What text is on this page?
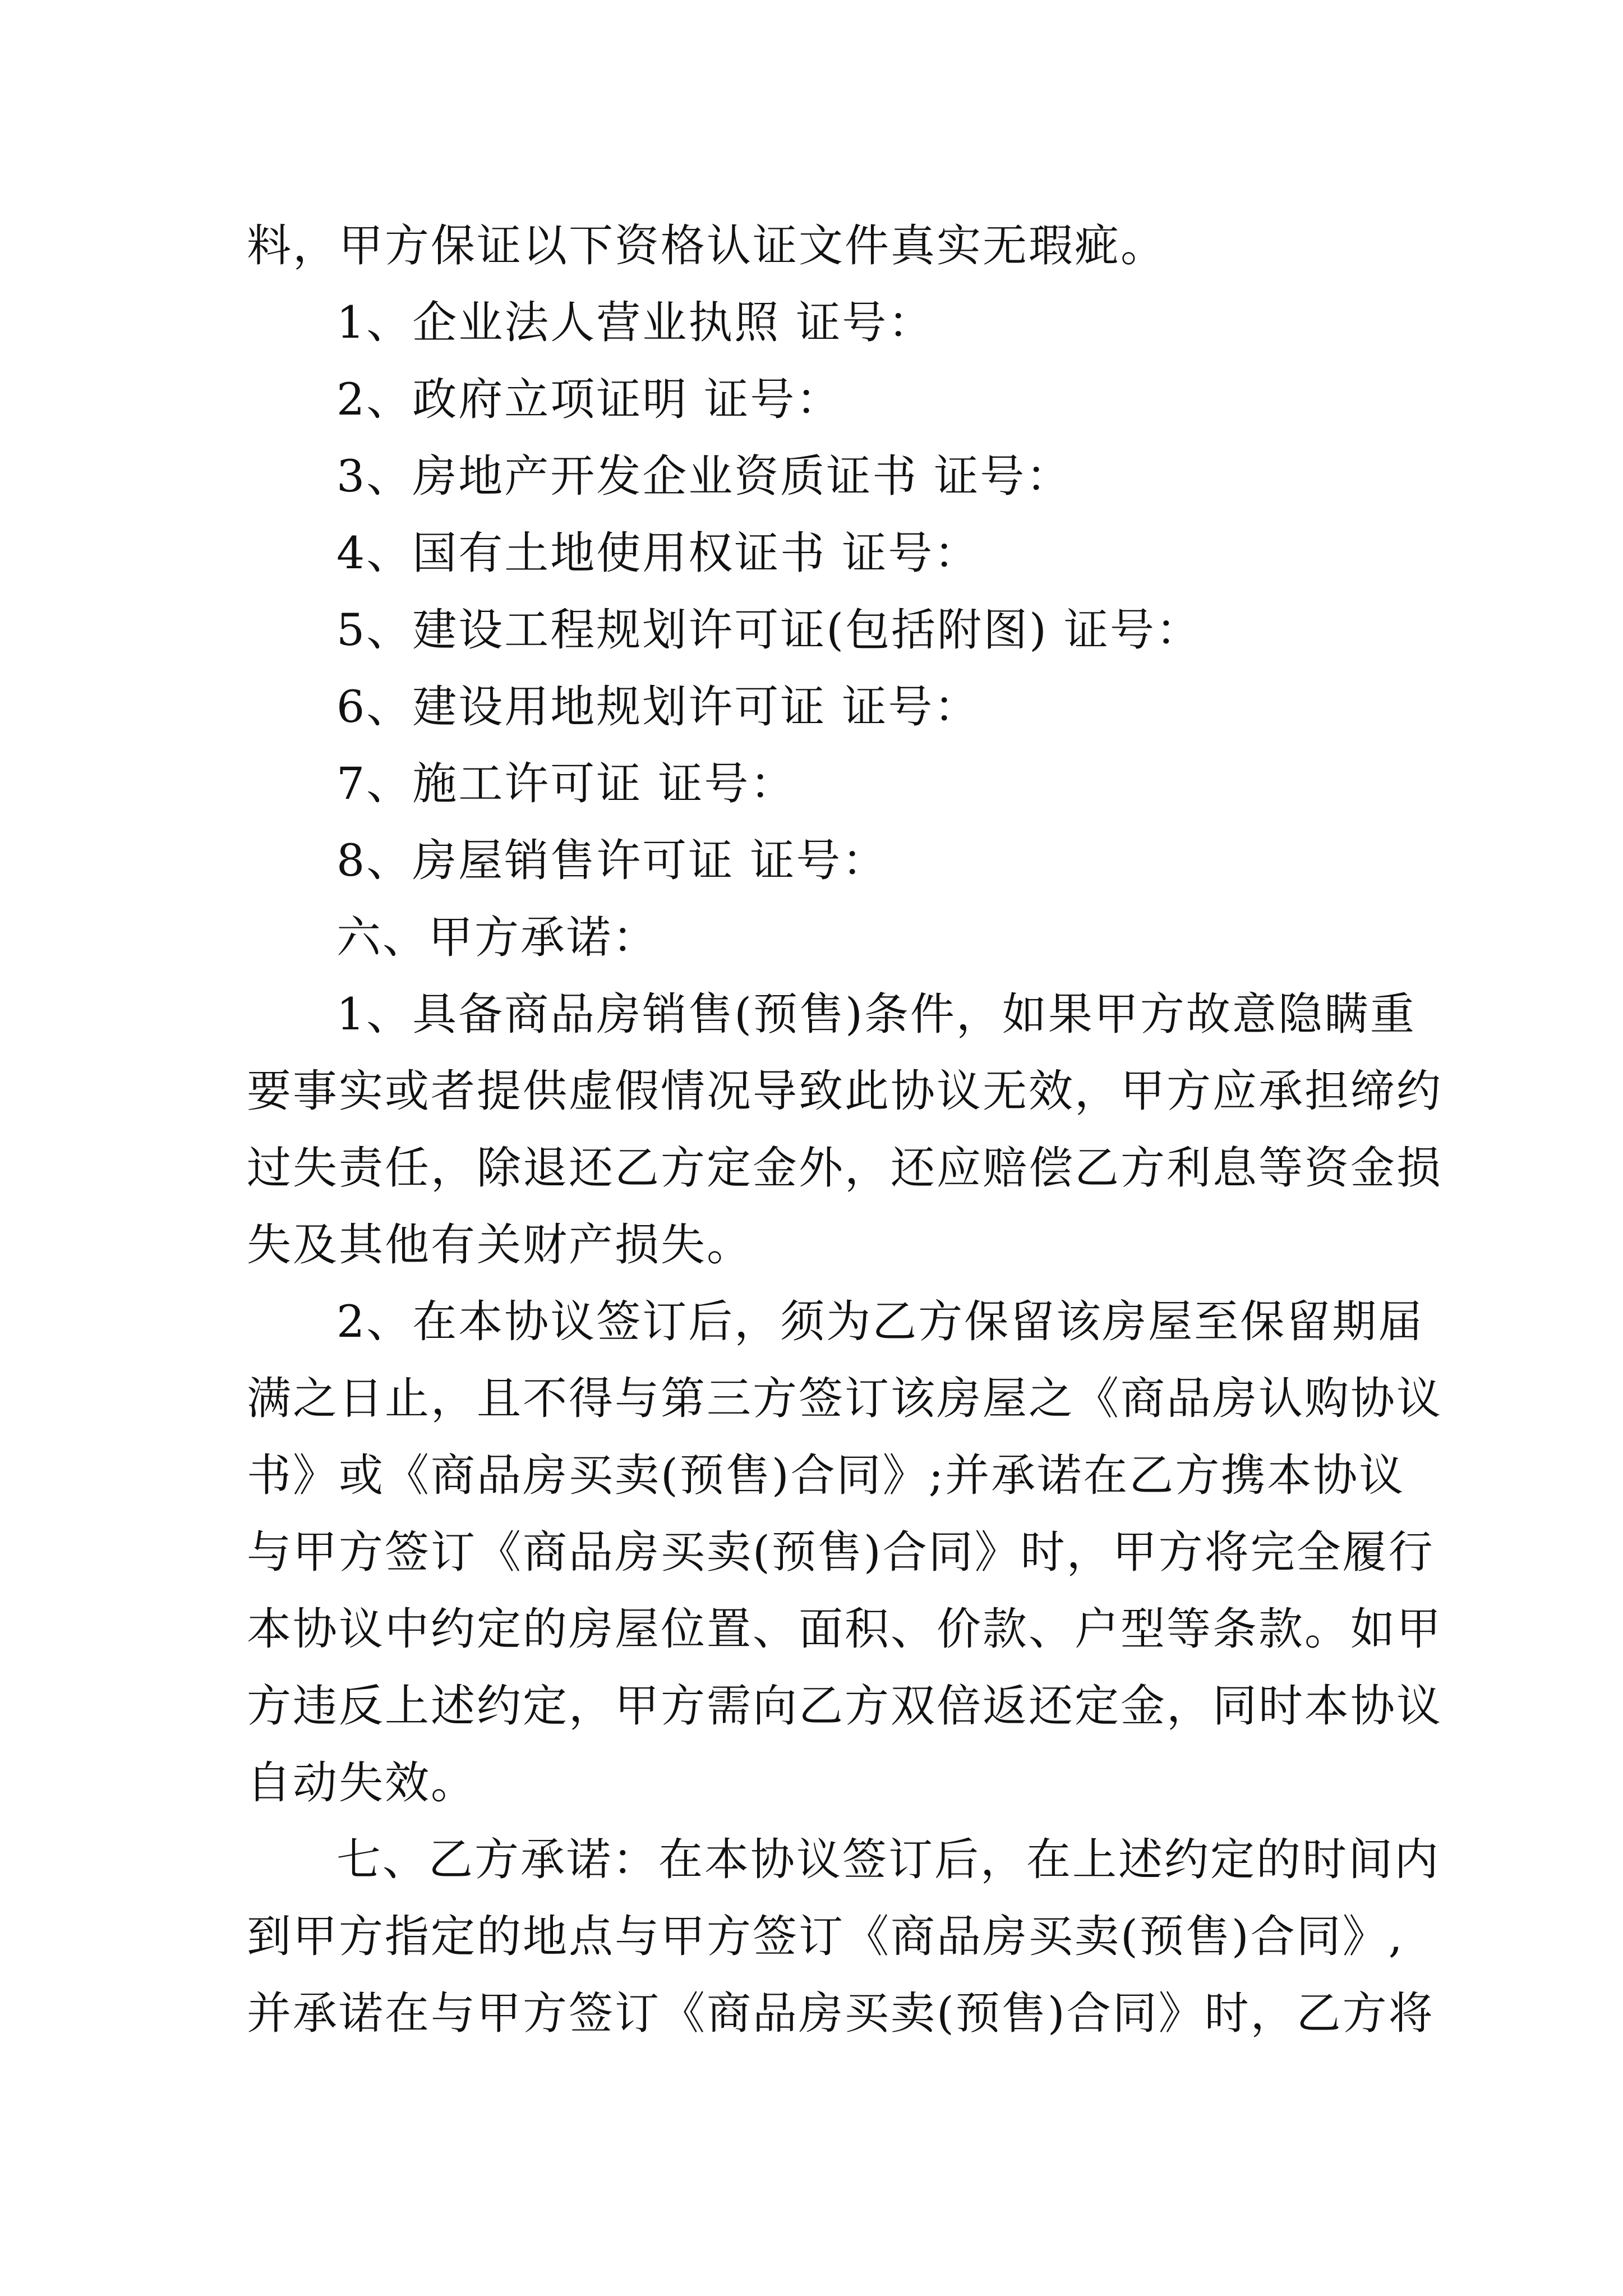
料，甲方保证以下资格认证文件真实无瑕疵。
1、企业法人营业执照 证号：
2、政府立项证明 证号：
3、房地产开发企业资质证书 证号：
4、国有土地使用权证书 证号：
5、建设工程规划许可证(包括附图) 证号：
6、建设用地规划许可证 证号：
7、施工许可证 证号：
8、房屋销售许可证 证号：
六、甲方承诺：
1、具备商品房销售(预售)条件，如果甲方故意隐瞒重
要事实或者提供虚假情况导致此协议无效，甲方应承担缔约
过失责任，除退还乙方定金外，还应赔偿乙方利息等资金损
失及其他有关财产损失。
2、在本协议签订后，须为乙方保留该房屋至保留期届
满之日止，且不得与第三方签订该房屋之《商品房认购协议
书》或《商品房买卖(预售)合同》;并承诺在乙方携本协议
与甲方签订《商品房买卖(预售)合同》时，甲方将完全履行
本协议中约定的房屋位置、面积、价款、户型等条款。如甲
方违反上述约定，甲方需向乙方双倍返还定金，同时本协议
自动失效。
七、乙方承诺：在本协议签订后，在上述约定的时间内
到甲方指定的地点与甲方签订《商品房买卖(预售)合同》,
并承诺在与甲方签订《商品房买卖(预售)合同》时，乙方将
